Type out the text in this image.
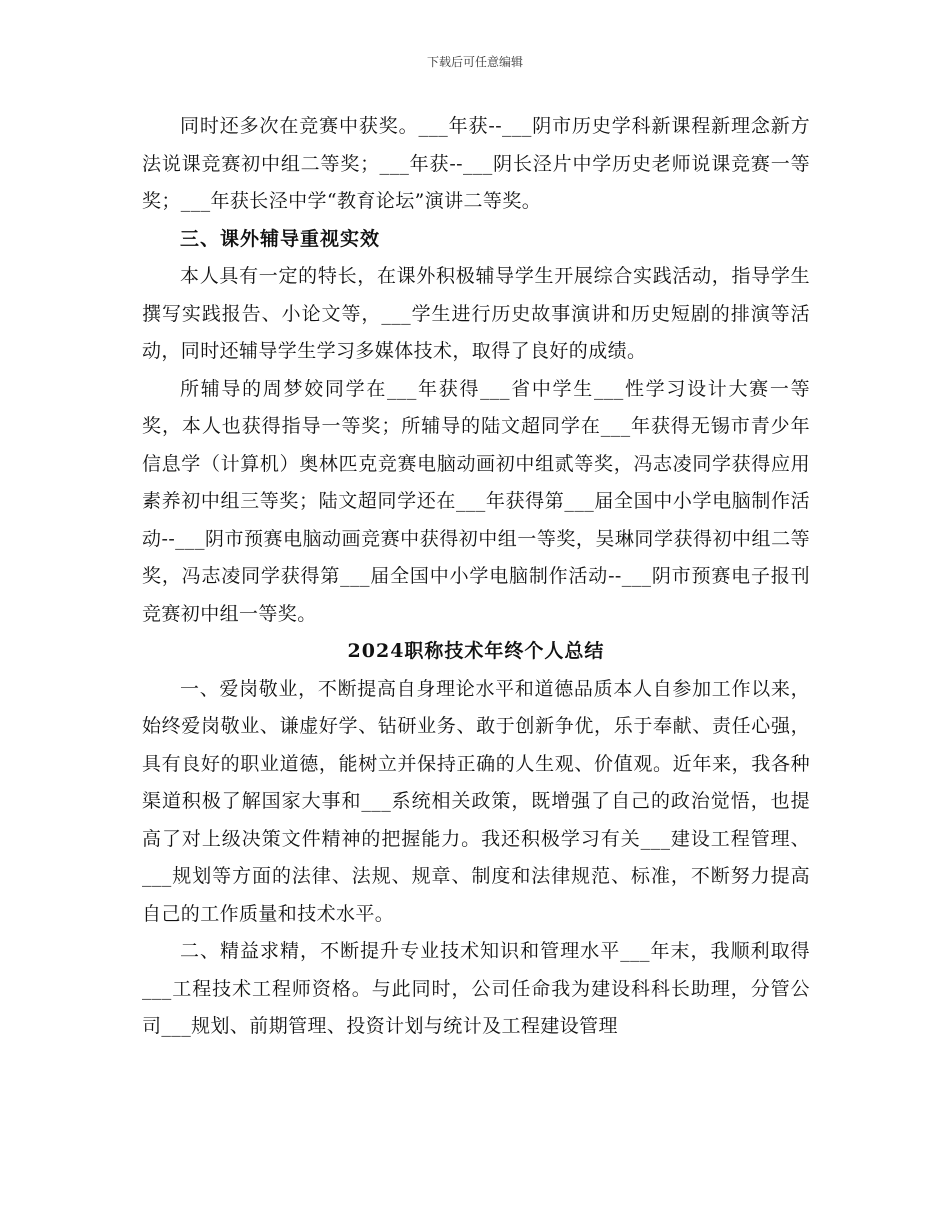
下载后可任意编辑

同时还多次在竞赛中获奖。___年获--___阴市历史学科新课程新理念新方法说课竞赛初中组二等奖；___年获--___阴长泾片中学历史老师说课竞赛一等奖；___年获长泾中学“教育论坛”演讲二等奖。

三、课外辅导重视实效

本人具有一定的特长，在课外积极辅导学生开展综合实践活动，指导学生撰写实践报告、小论文等，___学生进行历史故事演讲和历史短剧的排演等活动，同时还辅导学生学习多媒体技术，取得了良好的成绩。

所辅导的周梦姣同学在___年获得___省中学生___性学习设计大赛一等奖，本人也获得指导一等奖；所辅导的陆文超同学在___年获得无锡市青少年信息学（计算机）奥林匹克竞赛电脑动画初中组贰等奖，冯志凌同学获得应用素养初中组三等奖；陆文超同学还在___年获得第___届全国中小学电脑制作活动--___阴市预赛电脑动画竞赛中获得初中组一等奖，吴琳同学获得初中组二等奖，冯志凌同学获得第___届全国中小学电脑制作活动--___阴市预赛电子报刊竞赛初中组一等奖。

2024职称技术年终个人总结

一、爱岗敬业，不断提高自身理论水平和道德品质本人自参加工作以来，始终爱岗敬业、谦虚好学、钻研业务、敢于创新争优，乐于奉献、责任心强，具有良好的职业道德，能树立并保持正确的人生观、价值观。近年来，我各种渠道积极了解国家大事和___系统相关政策，既增强了自己的政治觉悟，也提高了对上级决策文件精神的把握能力。我还积极学习有关___建设工程管理、___规划等方面的法律、法规、规章、制度和法律规范、标准，不断努力提高自己的工作质量和技术水平。

二、精益求精，不断提升专业技术知识和管理水平___年末，我顺利取得___工程技术工程师资格。与此同时，公司任命我为建设科科长助理，分管公司___规划、前期管理、投资计划与统计及工程建设管理
